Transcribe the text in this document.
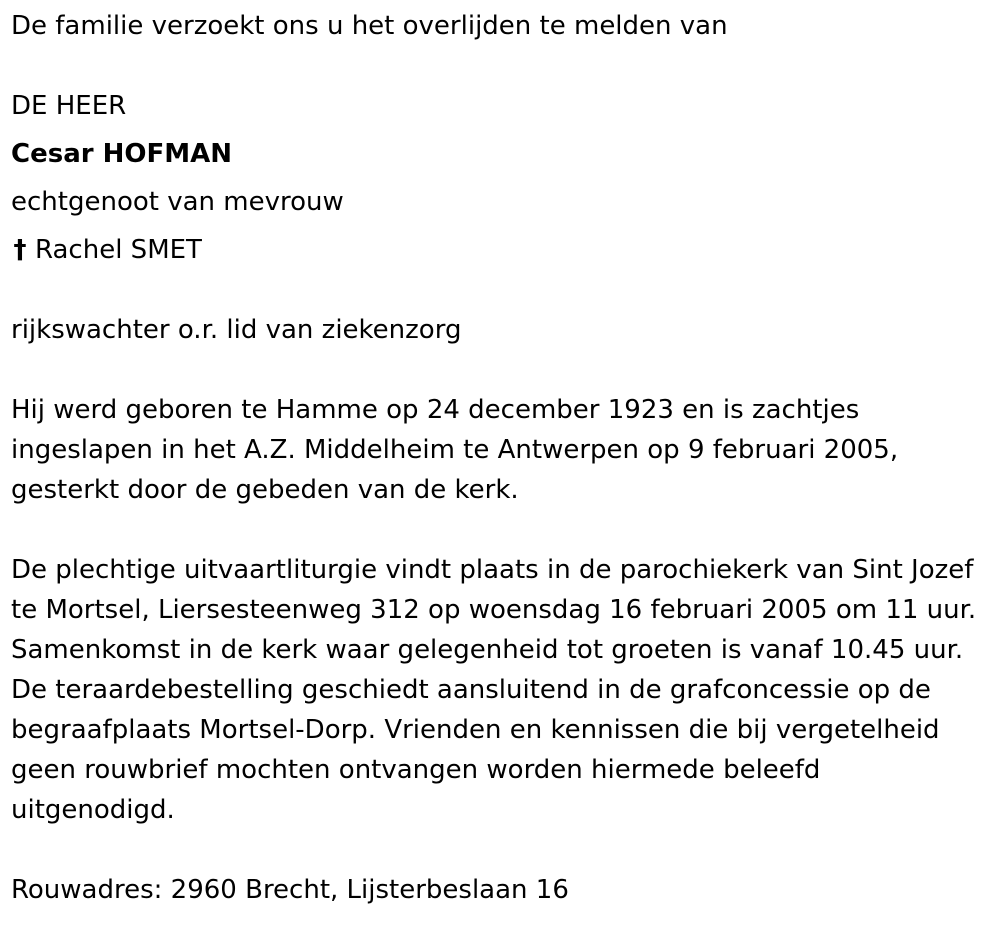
De familie verzoekt ons u het overlijden te melden van
DE HEER
Cesar HOFMAN
echtgenoot van mevrouw
† Rachel SMET
rijkswachter o.r. lid van ziekenzorg
Hij werd geboren te Hamme op 24 december 1923 en is zachtjes ingeslapen in het A.Z. Middelheim te Antwerpen op 9 februari 2005, gesterkt door de gebeden van de kerk.
De plechtige uitvaartliturgie vindt plaats in de parochiekerk van Sint Jozef te Mortsel, Liersesteenweg 312 op woensdag 16 februari 2005 om 11 uur. Samenkomst in de kerk waar gelegenheid tot groeten is vanaf 10.45 uur. De teraardebestelling geschiedt aansluitend in de grafconcessie op de begraafplaats Mortsel-Dorp. Vrienden en kennissen die bij vergetelheid geen rouwbrief mochten ontvangen worden hiermede beleefd uitgenodigd.
Rouwadres: 2960 Brecht, Lijsterbeslaan 16
